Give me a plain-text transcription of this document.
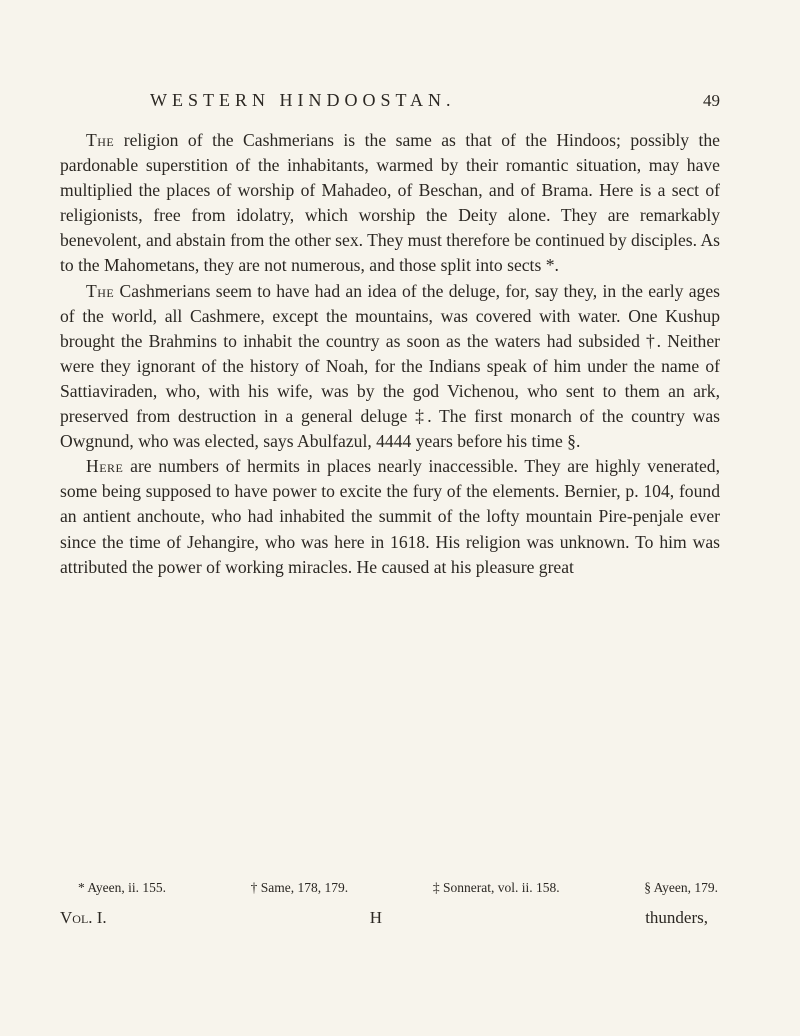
WESTERN HINDOOSTAN.	49

The religion of the Cashmerians is the same as that of the Hindoos; possibly the pardonable superstition of the inhabitants, warmed by their romantic situation, may have multiplied the places of worship of Mahadeo, of Beschan, and of Brama. Here is a sect of religionists, free from idolatry, which worship the Deity alone. They are remarkably benevolent, and abstain from the other sex. They must therefore be continued by disciples. As to the Mahometans, they are not numerous, and those split into sects *.

The Cashmerians seem to have had an idea of the deluge, for, say they, in the early ages of the world, all Cashmere, except the mountains, was covered with water. One Kushup brought the Brahmins to inhabit the country as soon as the waters had subsided †. Neither were they ignorant of the history of Noah, for the Indians speak of him under the name of Sattiaviraden, who, with his wife, was by the god Vichenou, who sent to them an ark, preserved from destruction in a general deluge ‡. The first monarch of the country was Owgnund, who was elected, says Abulfazul, 4444 years before his time §.

Here are numbers of hermits in places nearly inaccessible. They are highly venerated, some being supposed to have power to excite the fury of the elements. Bernier, p. 104, found an antient anchoute, who had inhabited the summit of the lofty mountain Pire-penjale ever since the time of Jehangire, who was here in 1618. His religion was unknown. To him was attributed the power of working miracles. He caused at his pleasure great

* Ayeen, ii. 155.	† Same, 178, 179.	‡ Sonnerat, vol. ii. 158.	§ Ayeen, 179.
Vol. I.	H	thunders,
